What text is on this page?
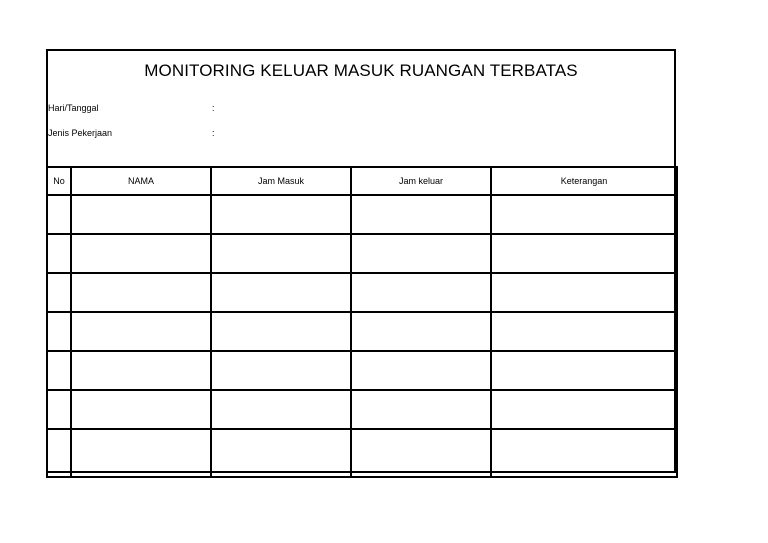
MONITORING KELUAR MASUK RUANGAN TERBATAS
Hari/Tanggal	:
Jenis Pekerjaan	:
No	NAMA	Jam Masuk	Jam keluar	Keterangan
